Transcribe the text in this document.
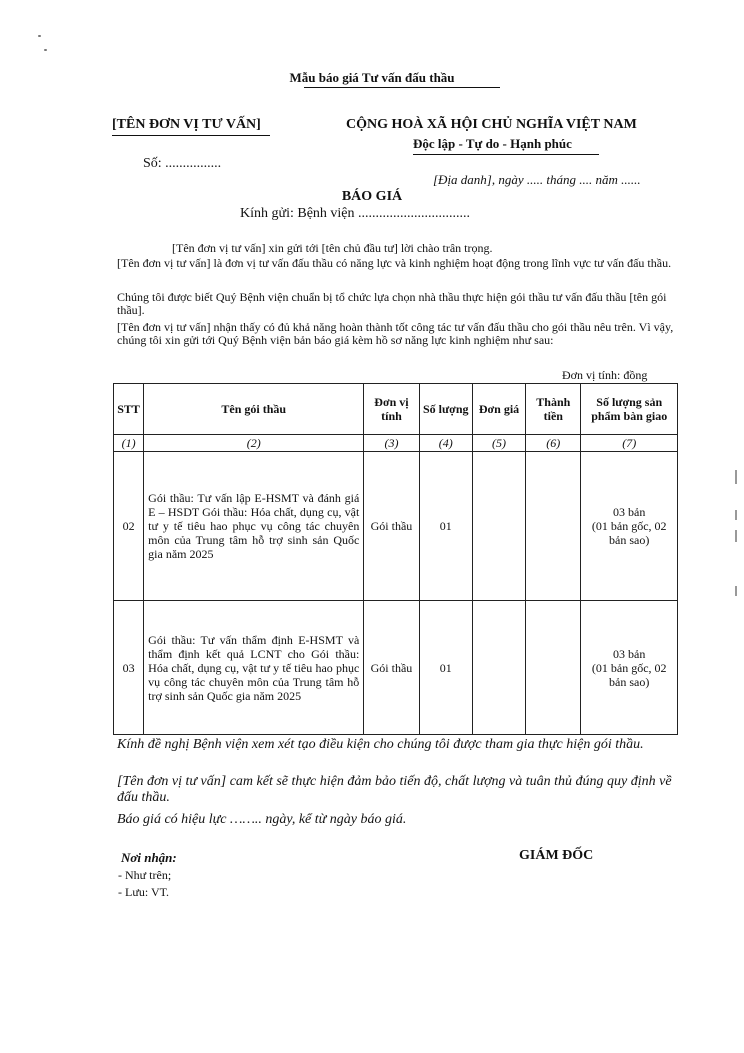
Mẫu báo giá Tư vấn đấu thầu
[TÊN ĐƠN VỊ TƯ VẤN]	CỘNG HOÀ XÃ HỘI CHỦ NGHĨA VIỆT NAM
Độc lập - Tự do - Hạnh phúc
Số: ................
[Địa danh], ngày ..... tháng .... năm ......
BÁO GIÁ
Kính gửi: Bệnh viện ................................
[Tên đơn vị tư vấn] xin gửi tới [tên chủ đầu tư] lời chào trân trọng.
[Tên đơn vị tư vấn] là đơn vị tư vấn đấu thầu có năng lực và kinh nghiệm hoạt động trong lĩnh vực tư vấn đấu thầu.
Chúng tôi được biết Quý Bệnh viện chuẩn bị tổ chức lựa chọn nhà thầu thực hiện gói thầu tư vấn đấu thầu [tên gói thầu].
[Tên đơn vị tư vấn] nhận thấy có đủ khả năng hoàn thành tốt công tác tư vấn đấu thầu cho gói thầu nêu trên. Vì vậy, chúng tôi xin gửi tới Quý Bệnh viện bản báo giá kèm hồ sơ năng lực kinh nghiệm như sau:
Đơn vị tính: đồng
STT	Tên gói thầu	Đơn vị tính	Số lượng	Đơn giá	Thành tiền	Số lượng sản phẩm bàn giao
(1)	(2)	(3)	(4)	(5)	(6)	(7)
02	Gói thầu: Tư vấn lập E-HSMT và đánh giá E – HSDT Gói thầu: Hóa chất, dụng cụ, vật tư y tế tiêu hao phục vụ công tác chuyên môn của Trung tâm hỗ trợ sinh sản Quốc gia năm 2025	Gói thầu	01			03 bản
(01 bản gốc, 02 bản sao)

03	Gói thầu: Tư vấn thẩm định E-HSMT và thẩm định kết quả LCNT cho Gói thầu: Hóa chất, dụng cụ, vật tư y tế tiêu hao phục vụ công tác chuyên môn của Trung tâm hỗ trợ sinh sản Quốc gia năm 2025	Gói thầu	01			03 bản
(01 bản gốc, 02 bản sao)
Kính đề nghị Bệnh viện xem xét tạo điều kiện cho chúng tôi được tham gia thực hiện gói thầu.
[Tên đơn vị tư vấn] cam kết sẽ thực hiện đảm bảo tiến độ, chất lượng và tuân thủ đúng quy định về đấu thầu.
Báo giá có hiệu lực …….. ngày, kể từ ngày báo giá.
Nơi nhận:
- Như trên;
- Lưu: VT.
GIÁM ĐỐC
